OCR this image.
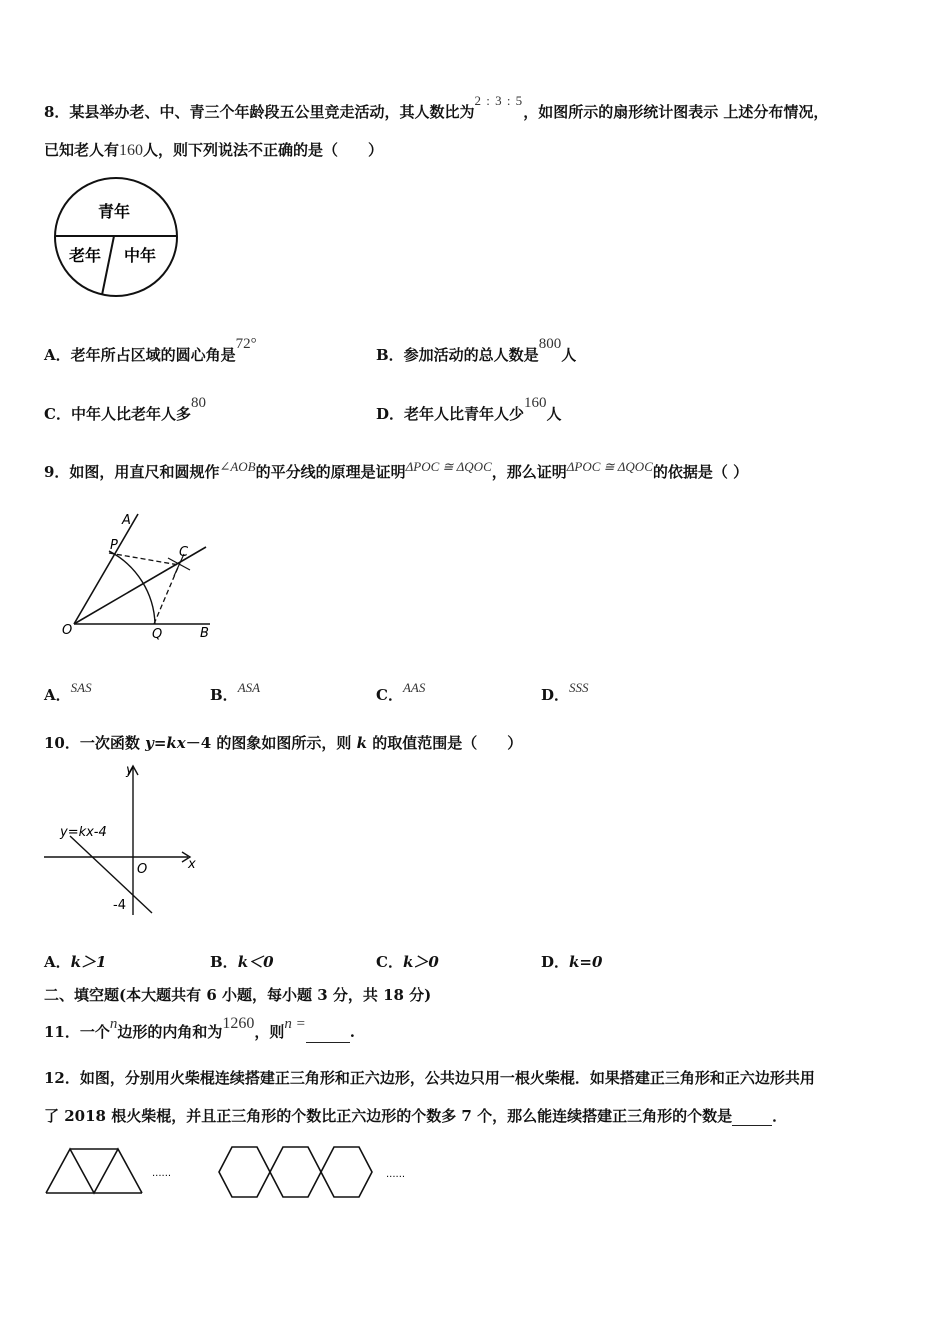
8．某县举办老、中、青三个年龄段五公里竞走活动，其人数比为2 : 3 : 5，如图所示的扇形统计图表示 上述分布情况，
已知老人有160人，则下列说法不正确的是（　　）
青年
老年 中年
A．老年所占区域的圆心角是72°
B．参加活动的总人数是800人
C．中年人比老年人多80
D．老年人比青年人少160人
9．如图，用直尺和圆规作∠AOB的平分线的原理是证明ΔPOC ≅ ΔQOC，那么证明ΔPOC ≅ ΔQOC的依据是（ ）
A
P	C
O	Q	B
A．SAS	B．ASA	C．AAS	D．SSS
10．一次函数 y=kx－4 的图象如图所示，则 k 的取值范围是（　　）
y
x
O
y=kx-4
-4
A．k＞1	B．k＜0	C．k＞0	D．k=0
二、填空题(本大题共有 6 小题，每小题 3 分，共 18 分)
11．一个n边形的内角和为1260，则n =	.
12．如图，分别用火柴棍连续搭建正三角形和正六边形，公共边只用一根火柴棍．如果搭建正三角形和正六边形共用
了 2018 根火柴棍，并且正三角形的个数比正六边形的个数多 7 个，那么能连续搭建正三角形的个数是	．
......	......
